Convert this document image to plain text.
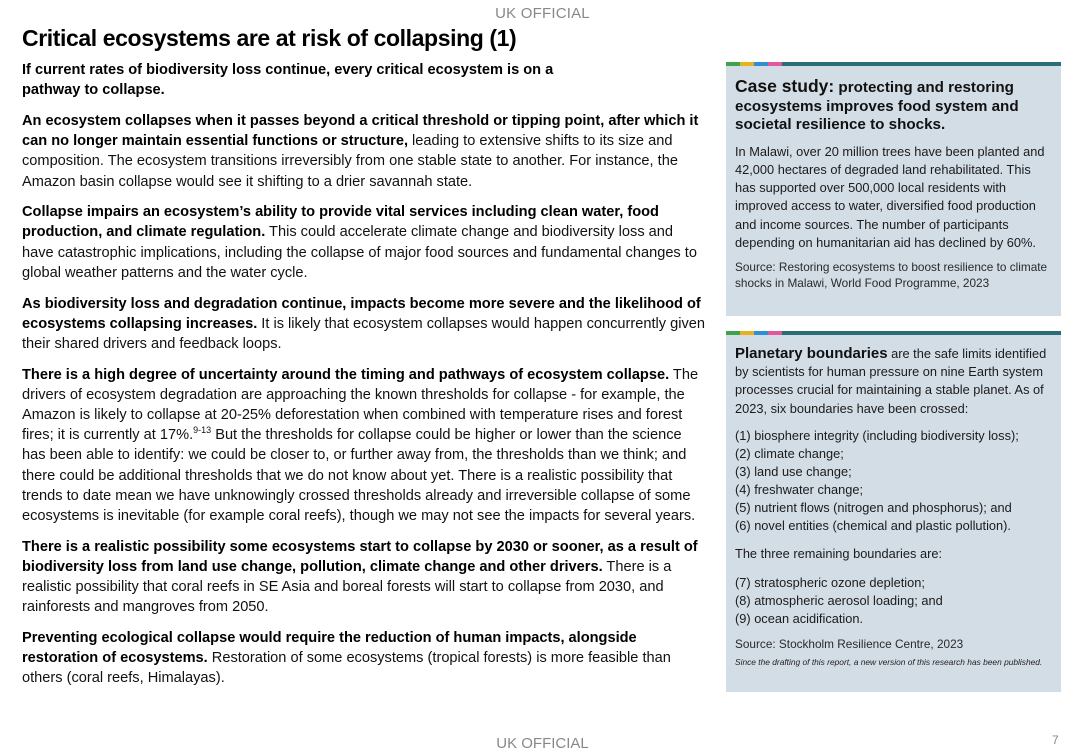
UK OFFICIAL
Critical ecosystems are at risk of collapsing (1)

If current rates of biodiversity loss continue, every critical ecosystem is on a pathway to collapse.

An ecosystem collapses when it passes beyond a critical threshold or tipping point, after which it can no longer maintain essential functions or structure, leading to extensive shifts to its size and composition. The ecosystem transitions irreversibly from one stable state to another. For instance, the Amazon basin collapse would see it shifting to a drier savannah state.

Collapse impairs an ecosystem’s ability to provide vital services including clean water, food production, and climate regulation. This could accelerate climate change and biodiversity loss and have catastrophic implications, including the collapse of major food sources and fundamental changes to global weather patterns and the water cycle.

As biodiversity loss and degradation continue, impacts become more severe and the likelihood of ecosystems collapsing increases. It is likely that ecosystem collapses would happen concurrently given their shared drivers and feedback loops.

There is a high degree of uncertainty around the timing and pathways of ecosystem collapse. The drivers of ecosystem degradation are approaching the known thresholds for collapse - for example, the Amazon is likely to collapse at 20-25% deforestation when combined with temperature rises and forest fires; it is currently at 17%.$^{9-13}$ But the thresholds for collapse could be higher or lower than the science has been able to identify: we could be closer to, or further away from, the thresholds than we think; and there could be additional thresholds that we do not know about yet. There is a realistic possibility that trends to date mean we have unknowingly crossed thresholds already and irreversible collapse of some ecosystems is inevitable (for example coral reefs), though we may not see the impacts for several years.

There is a realistic possibility some ecosystems start to collapse by 2030 or sooner, as a result of biodiversity loss from land use change, pollution, climate change and other drivers. There is a realistic possibility that coral reefs in SE Asia and boreal forests will start to collapse from 2030, and rainforests and mangroves from 2050.

Preventing ecological collapse would require the reduction of human impacts, alongside restoration of ecosystems. Restoration of some ecosystems (tropical forests) is more feasible than others (coral reefs, Himalayas).

Case study: protecting and restoring ecosystems improves food system and societal resilience to shocks.

In Malawi, over 20 million trees have been planted and 42,000 hectares of degraded land rehabilitated. This has supported over 500,000 local residents with improved access to water, diversified food production and income sources. The number of participants depending on humanitarian aid has declined by 60%.

Source: Restoring ecosystems to boost resilience to climate shocks in Malawi, World Food Programme, 2023

Planetary boundaries are the safe limits identified by scientists for human pressure on nine Earth system processes crucial for maintaining a stable planet. As of 2023, six boundaries have been crossed:

(1) biosphere integrity (including biodiversity loss);
(2) climate change;
(3) land use change;
(4) freshwater change;
(5) nutrient flows (nitrogen and phosphorus); and
(6) novel entities (chemical and plastic pollution).

The three remaining boundaries are:

(7) stratospheric ozone depletion;
(8) atmospheric aerosol loading; and
(9) ocean acidification.

Source: Stockholm Resilience Centre, 2023

Since the drafting of this report, a new version of this research has been published.

UK OFFICIAL	7
